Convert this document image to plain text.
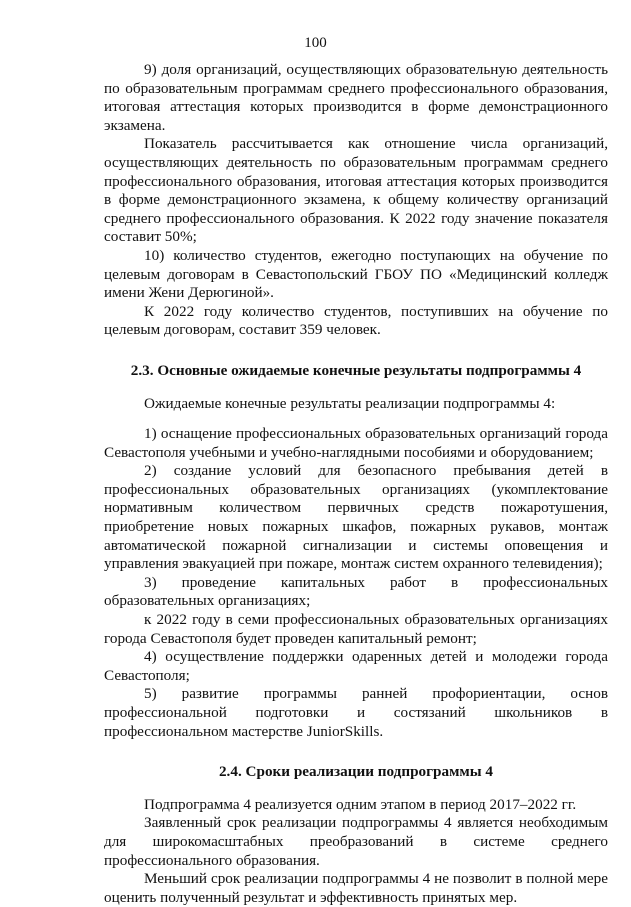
100

9) доля организаций, осуществляющих образовательную деятельность по образовательным программам среднего профессионального образования, итоговая аттестация которых производится в форме демонстрационного экзамена.

Показатель рассчитывается как отношение числа организаций, осуществляющих деятельность по образовательным программам среднего профессионального образования, итоговая аттестация которых производится в форме демонстрационного экзамена, к общему количеству организаций среднего профессионального образования. К 2022 году значение показателя составит 50%;

10) количество студентов, ежегодно поступающих на обучение по целевым договорам в Севастопольский ГБОУ ПО «Медицинский колледж имени Жени Дерюгиной».

К 2022 году количество студентов, поступивших на обучение по целевым договорам, составит 359 человек.

2.3. Основные ожидаемые конечные результаты подпрограммы 4

Ожидаемые конечные результаты реализации подпрограммы 4:

1) оснащение профессиональных образовательных организаций города Севастополя учебными и учебно-наглядными пособиями и оборудованием;

2) создание условий для безопасного пребывания детей в профессиональных образовательных организациях (укомплектование нормативным количеством первичных средств пожаротушения, приобретение новых пожарных шкафов, пожарных рукавов, монтаж автоматической пожарной сигнализации и системы оповещения и управления эвакуацией при пожаре, монтаж систем охранного телевидения);

3) проведение капитальных работ в профессиональных образовательных организациях;

к 2022 году в семи профессиональных образовательных организациях города Севастополя будет проведен капитальный ремонт;

4) осуществление поддержки одаренных детей и молодежи города Севастополя;

5) развитие программы ранней профориентации, основ профессиональной подготовки и состязаний школьников в профессиональном мастерстве JuniorSkills.

2.4. Сроки реализации подпрограммы 4

Подпрограмма 4 реализуется одним этапом в период 2017–2022 гг.

Заявленный срок реализации подпрограммы 4 является необходимым для широкомасштабных преобразований в системе среднего профессионального образования.

Меньший срок реализации подпрограммы 4 не позволит в полной мере оценить полученный результат и эффективность принятых мер.
